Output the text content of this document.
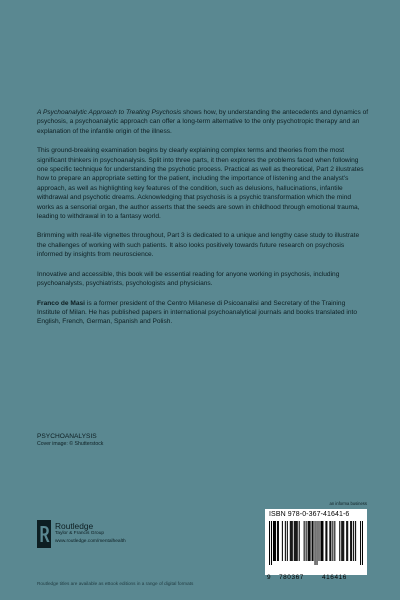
A Psychoanalytic Approach to Treating Psychosis shows how, by understanding the antecedents and dynamics of psychosis, a psychoanalytic approach can offer a long-term alternative to the only psychotropic therapy and an explanation of the infantile origin of the illness.

This ground-breaking examination begins by clearly explaining complex terms and theories from the most significant thinkers in psychoanalysis. Split into three parts, it then explores the problems faced when following one specific technique for understanding the psychotic process. Practical as well as theoretical, Part 2 illustrates how to prepare an appropriate setting for the patient, including the importance of listening and the analyst's approach, as well as highlighting key features of the condition, such as delusions, hallucinations, infantile withdrawal and psychotic dreams. Acknowledging that psychosis is a psychic transformation which the mind works as a sensorial organ, the author asserts that the seeds are sown in childhood through emotional trauma, leading to withdrawal in to a fantasy world.

Brimming with real-life vignettes throughout, Part 3 is dedicated to a unique and lengthy case study to illustrate the challenges of working with such patients. It also looks positively towards future research on psychosis informed by insights from neuroscience.

Innovative and accessible, this book will be essential reading for anyone working in psychosis, including psychoanalysts, psychiatrists, psychologists and physicians.

Franco de Masi is a former president of the Centro Milanese di Psicoanalisi and Secretary of the Training Institute of Milan. He has published papers in international psychoanalytical journals and books translated into English, French, German, Spanish and Polish.

PSYCHOANALYSIS
Cover image: © Shutterstock
Routledge
Taylor & Francis Group
www.routledge.com/mentalhealth
Routledge titles are available as eBook editions in a range of digital formats
an informa business
ISBN 978-0-367-41641-6
9 780367	416416
